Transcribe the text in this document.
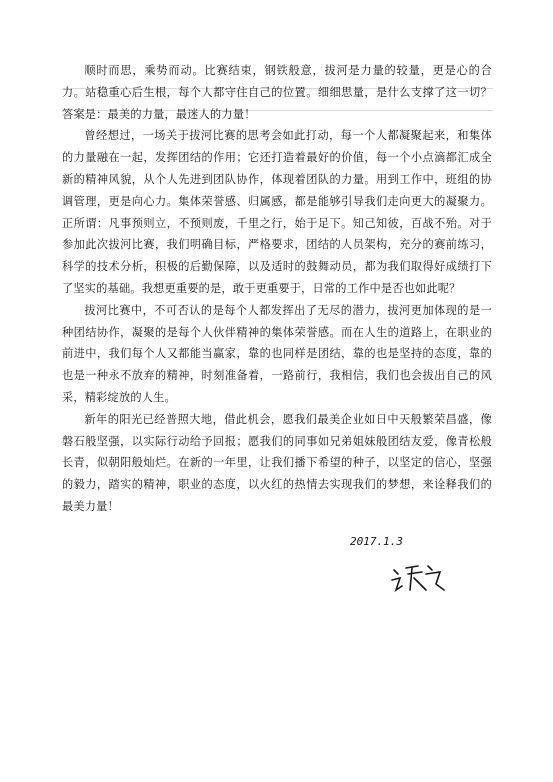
顺时而思，乘势而动。比赛结束，钢铁般意，拔河是力量的较量，更是心的合力。站稳重心后生根，每个人都守住自己的位置。细细思量，是什么支撑了这一切？答案是：最美的力量，最迷人的力量！

曾经想过，一场关于拔河比赛的思考会如此打动，每一个人都凝聚起来，和集体的力量融在一起，发挥团结的作用；它还打造着最好的价值，每一个小点滴都汇成全新的精神风貌，从个人先进到团队协作，体现着团队的力量。用到工作中，班组的协调管理，更是向心力。集体荣誉感、归属感，都是能够引导我们走向更大的凝聚力。正所谓：凡事预则立，不预则废，千里之行，始于足下。知己知彼，百战不殆。对于参加此次拔河比赛，我们明确目标，严格要求，团结的人员架构，充分的赛前练习，科学的技术分析，积极的后勤保障，以及适时的鼓舞动员，都为我们取得好成绩打下了坚实的基础。我想更重要的是，敢于更重要于，日常的工作中是否也如此呢？

拔河比赛中，不可否认的是每个人都发挥出了无尽的潜力，拔河更加体现的是一种团结协作，凝聚的是每个人伙伴精神的集体荣誉感。而在人生的道路上，在职业的前进中，我们每个人又都能当赢家，靠的也同样是团结，靠的也是坚持的态度，靠的也是一种永不放弃的精神，时刻准备着，一路前行，我相信，我们也会拔出自己的风采，精彩绽放的人生。

新年的阳光已经普照大地，借此机会，愿我们最美企业如日中天般繁荣昌盛，像磐石般坚强，以实际行动给予回报；愿我们的同事如兄弟姐妹般团结友爱，像青松般长青，似朝阳般灿烂。在新的一年里，让我们播下希望的种子，以坚定的信心，坚强的毅力，踏实的精神，职业的态度，以火红的热情去实现我们的梦想，来诠释我们的最美力量！

2017.1.3
